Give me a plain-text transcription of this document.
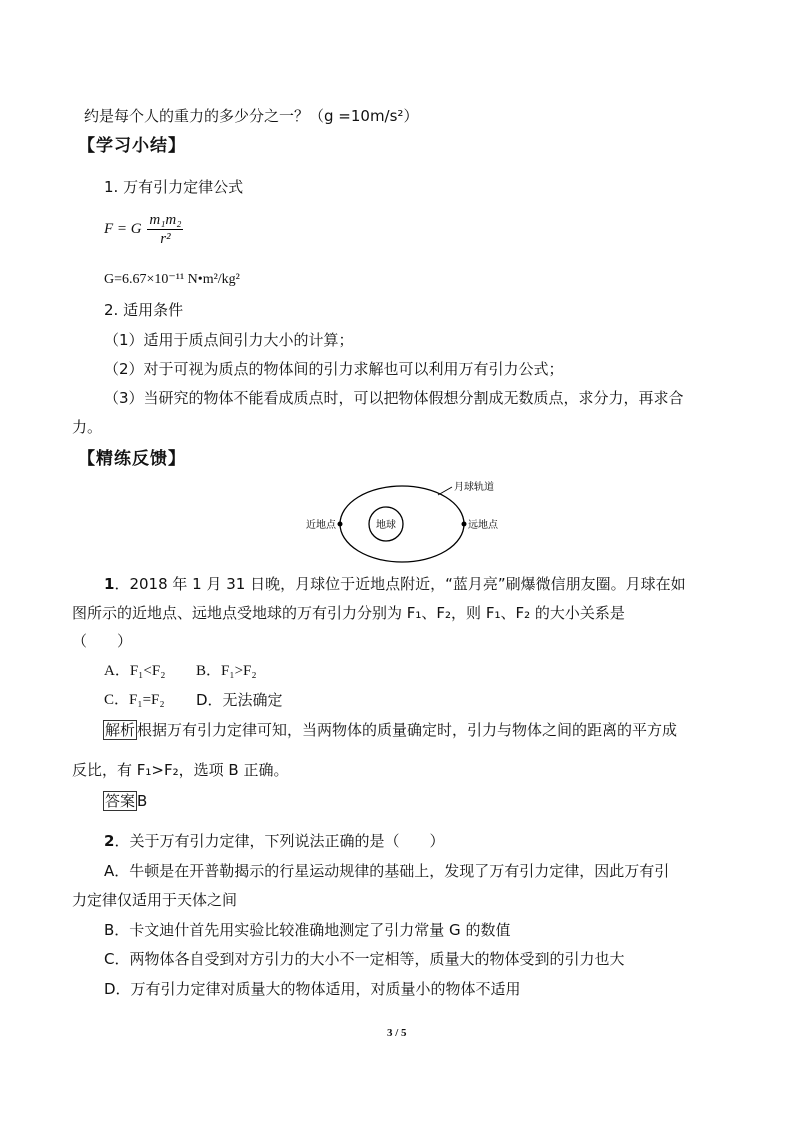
约是每个人的重力的多少分之一？（g =10m/s²）
【学习小结】
1. 万有引力定律公式
F = G $\frac{\text{m₁m₂}}{\text{r²}}$
G=6.67×10⁻¹¹ N•m²/kg²
2. 适用条件
（1）适用于质点间引力大小的计算；
（2）对于可视为质点的物体间的引力求解也可以利用万有引力公式；
（3）当研究的物体不能看成质点时，可以把物体假想分割成无数质点，求分力，再求合
力。
【精练反馈】
月球轨道
地球
近地点	远地点
1．2018 年 1 月 31 日晚，月球位于近地点附近，“蓝月亮”刷爆微信朋友圈。月球在如
图所示的近地点、远地点受地球的万有引力分别为 F₁、F₂，则 F₁、F₂ 的大小关系是
（　　）
A．F₁<F₂ B．F₁>F₂
C．F₁=F₂ D．无法确定
解析 根据万有引力定律可知，当两物体的质量确定时，引力与物体之间的距离的平方成
反比，有 F₁>F₂，选项 B 正确。
答案 B
2．关于万有引力定律，下列说法正确的是（　　）
A．牛顿是在开普勒揭示的行星运动规律的基础上，发现了万有引力定律，因此万有引
力定律仅适用于天体之间
B．卡文迪什首先用实验比较准确地测定了引力常量 G 的数值
C．两物体各自受到对方引力的大小不一定相等，质量大的物体受到的引力也大
D．万有引力定律对质量大的物体适用，对质量小的物体不适用
3 / 5
